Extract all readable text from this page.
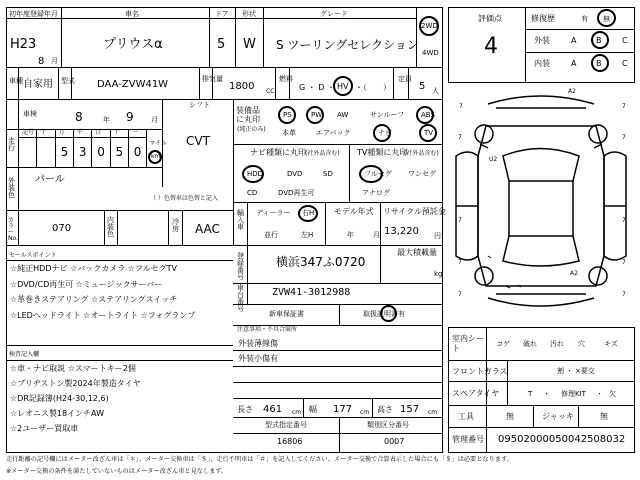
初年度登録年月
H23
8 月
車名
プリウスα
ドア
5
形状
W
グレード
S ツーリングセレクション
2WD
4WD
車種 自家用 型式 DAA-ZVW41W	排気量
1800 CC
燃料
G ・ D ・ HV ・（　　）
定員
5 人
車検	8	年 9 月
シフト
CVT
走行
記号 十 万
5
千
3
百
0
十
5
一
0
マイル
km
外装色
パール
（ ）色替車は色替と記入
カラーNo.
070
内装色
冷房 AAC
装備品に丸印
(純正のみ)
PS	PW AW	サンルーフ ABS
本革	エアバック	ナビ	TV
ナビ種類に丸印 (社外品含む) TV種類に丸印
(社外品含む)
HDD	DVD	SD
CD	DVD再生可
フルセグ ワンセグ
アナログ
輸入車
ディーラー 右H
並行	左H
モデル年式
年	月
リサイクル預託金
13,220 円
登録番号
横浜347ふ0720
最大積載量
kg
車台番号
ZVW41-3012988
新車保証書	取扱説明書有
注意事項・不具合箇所
外装薄線傷
外装小傷有
長さ 461 cm 幅 177 cm 高さ 157 cm
型式指定番号
16806
類別区分番号
0007
セールスポイント
☆純正HDDナビ ☆バックカメラ ☆フルセグTV
☆DVD/CD再生可 ☆ミュージックサーバー
☆革巻きステアリング ☆ステアリングスイッチ
☆LEDヘッドライト ☆オートライト ☆フォグランプ
検査記入欄
☆車・ナビ取説 ☆スマートキー2個
☆ブリヂストン製2024年製造タイヤ
☆DR記録簿(H24-30,12,6)
☆レオニス製18インチAW
☆2ユーザー買取車
評価点
4
修復歴	有 無
外装	A B	C
内装	A B	C
A2
U2
A2
7
7
7
7
7
7
7
7
7
7
室内シート	コゲ 破れ 汚れ 穴	キズ
フロントガラス	割 ・ ×要交
スペアタイヤ	T ・ 修理KIT ・ 欠
工具	無	ジャッキ	無
管理番号 09502000050042508032
走行距離の記号欄にはメーター改ざん車は「＊」、メーター交換車は「＄」、走行不明車は「＃」を記入してください。メーター交換で合算表示した場合にも「＄」は必要となります。
※メーター交換の条件を満たしていないものはメーター改ざん車と見なします。
